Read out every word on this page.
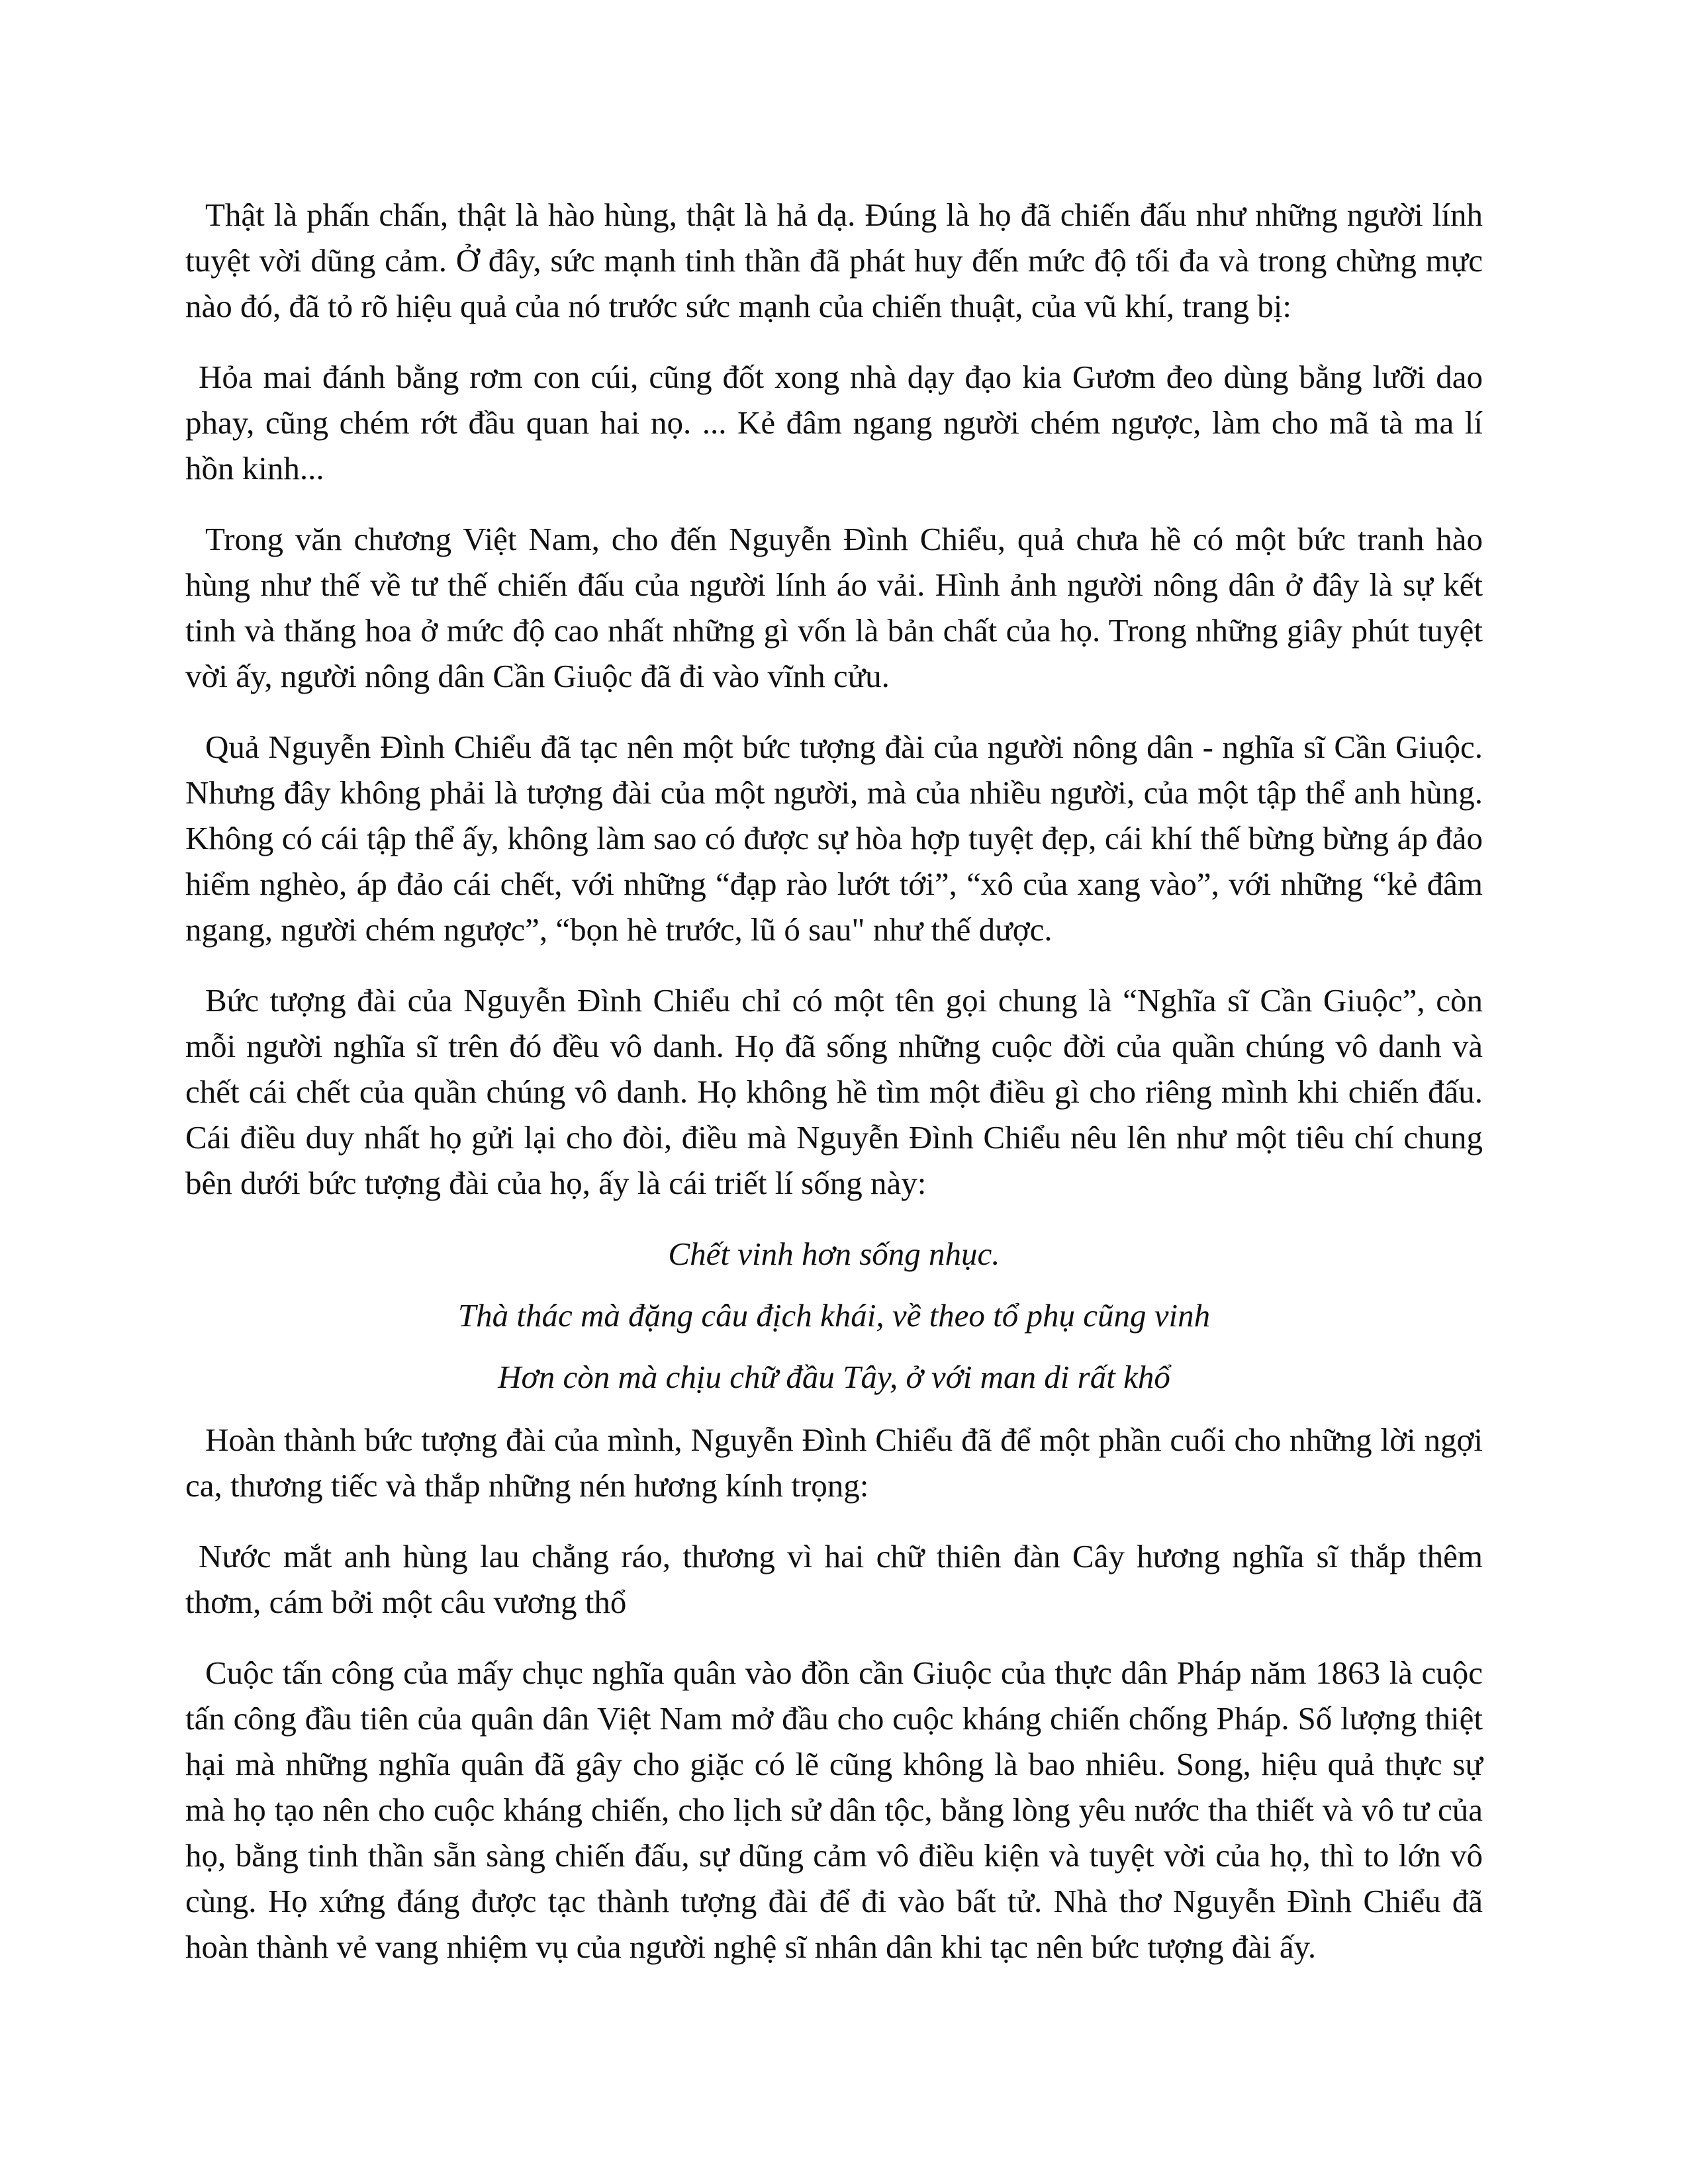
Thật là phấn chấn, thật là hào hùng, thật là hả dạ. Đúng là họ đã chiến đấu như những người lính tuyệt vời dũng cảm. Ở đây, sức mạnh tinh thần đã phát huy đến mức độ tối đa và trong chừng mực nào đó, đã tỏ rõ hiệu quả của nó trước sức mạnh của chiến thuật, của vũ khí, trang bị:

Hỏa mai đánh bằng rơm con cúi, cũng đốt xong nhà dạy đạo kia Gươm đeo dùng bằng lưỡi dao phay, cũng chém rớt đầu quan hai nọ. ... Kẻ đâm ngang người chém ngược, làm cho mã tà ma lí hồn kinh...

Trong văn chương Việt Nam, cho đến Nguyễn Đình Chiểu, quả chưa hề có một bức tranh hào hùng như thế về tư thế chiến đấu của người lính áo vải. Hình ảnh người nông dân ở đây là sự kết tinh và thăng hoa ở mức độ cao nhất những gì vốn là bản chất của họ. Trong những giây phút tuyệt vời ấy, người nông dân Cần Giuộc đã đi vào vĩnh cửu.

Quả Nguyễn Đình Chiểu đã tạc nên một bức tượng đài của người nông dân - nghĩa sĩ Cần Giuộc. Nhưng đây không phải là tượng đài của một người, mà của nhiều người, của một tập thể anh hùng. Không có cái tập thể ấy, không làm sao có được sự hòa hợp tuyệt đẹp, cái khí thế bừng bừng áp đảo hiểm nghèo, áp đảo cái chết, với những “đạp rào lướt tới”, “xô của xang vào”, với những “kẻ đâm ngang, người chém ngược”, “bọn hè trước, lũ ó sau" như thế dược.

Bức tượng đài của Nguyễn Đình Chiểu chỉ có một tên gọi chung là “Nghĩa sĩ Cần Giuộc”, còn mỗi người nghĩa sĩ trên đó đều vô danh. Họ đã sống những cuộc đời của quần chúng vô danh và chết cái chết của quần chúng vô danh. Họ không hề tìm một điều gì cho riêng mình khi chiến đấu. Cái điều duy nhất họ gửi lại cho đòi, điều mà Nguyễn Đình Chiểu nêu lên như một tiêu chí chung bên dưới bức tượng đài của họ, ấy là cái triết lí sống này:

Chết vinh hơn sống nhục.

Thà thác mà đặng câu địch khái, về theo tổ phụ cũng vinh

Hơn còn mà chịu chữ đầu Tây, ở với man di rất khổ

Hoàn thành bức tượng đài của mình, Nguyễn Đình Chiểu đã để một phần cuối cho những lời ngợi ca, thương tiếc và thắp những nén hương kính trọng:

Nước mắt anh hùng lau chẳng ráo, thương vì hai chữ thiên đàn Cây hương nghĩa sĩ thắp thêm thơm, cám bởi một câu vương thổ

Cuộc tấn công của mấy chục nghĩa quân vào đồn cần Giuộc của thực dân Pháp năm 1863 là cuộc tấn công đầu tiên của quân dân Việt Nam mở đầu cho cuộc kháng chiến chống Pháp. Số lượng thiệt hại mà những nghĩa quân đã gây cho giặc có lẽ cũng không là bao nhiêu. Song, hiệu quả thực sự mà họ tạo nên cho cuộc kháng chiến, cho lịch sử dân tộc, bằng lòng yêu nước tha thiết và vô tư của họ, bằng tinh thần sẵn sàng chiến đấu, sự dũng cảm vô điều kiện và tuyệt vời của họ, thì to lớn vô cùng. Họ xứng đáng được tạc thành tượng đài để đi vào bất tử. Nhà thơ Nguyễn Đình Chiểu đã hoàn thành vẻ vang nhiệm vụ của người nghệ sĩ nhân dân khi tạc nên bức tượng đài ấy.
